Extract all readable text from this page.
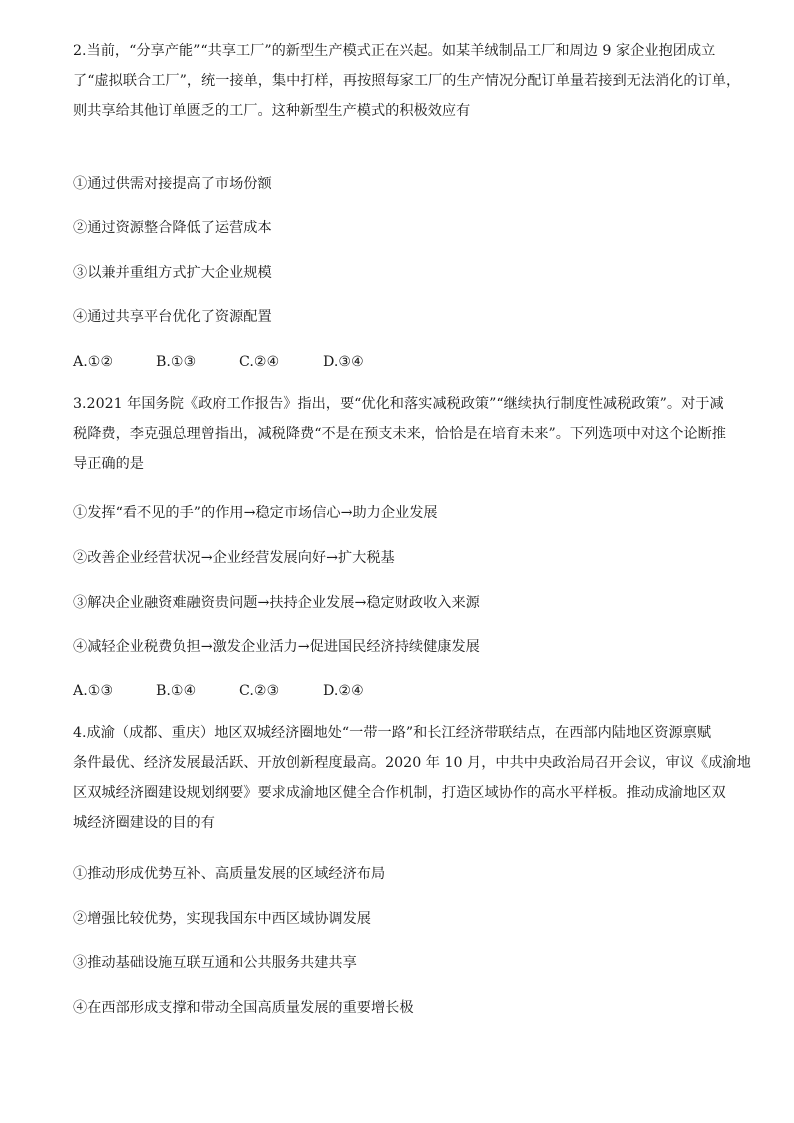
2.当前，“分享产能”“共享工厂”的新型生产模式正在兴起。如某羊绒制品工厂和周边 9 家企业抱团成立

了“虚拟联合工厂”，统一接单，集中打样，再按照每家工厂的生产情况分配订单量若接到无法消化的订单，

则共享给其他订单匮乏的工厂。这种新型生产模式的积极效应有

①通过供需对接提高了市场份额
②通过资源整合降低了运营成本
③以兼并重组方式扩大企业规模
④通过共享平台优化了资源配置
A.①②	B.①③	C.②④	D.③④

3.2021 年国务院《政府工作报告》指出，要“优化和落实减税政策”“继续执行制度性减税政策”。对于减

税降费，李克强总理曾指出，减税降费“不是在预支未来，恰恰是在培育未来”。下列选项中对这个论断推

导正确的是

①发挥“看不见的手”的作用→稳定市场信心→助力企业发展
②改善企业经营状况→企业经营发展向好→扩大税基
③解决企业融资难融资贵问题→扶持企业发展→稳定财政收入来源
④减轻企业税费负担→激发企业活力→促进国民经济持续健康发展
A.①③	B.①④	C.②③	D.②④

4.成渝（成都、重庆）地区双城经济圈地处“一带一路”和长江经济带联结点，在西部内陆地区资源禀赋

条件最优、经济发展最活跃、开放创新程度最高。2020 年 10 月，中共中央政治局召开会议，审议《成渝地

区双城经济圈建设规划纲要》要求成渝地区健全合作机制，打造区域协作的高水平样板。推动成渝地区双

城经济圈建设的目的有

①推动形成优势互补、高质量发展的区域经济布局
②增强比较优势，实现我国东中西区域协调发展
③推动基础设施互联互通和公共服务共建共享
④在西部形成支撑和带动全国高质量发展的重要增长极
